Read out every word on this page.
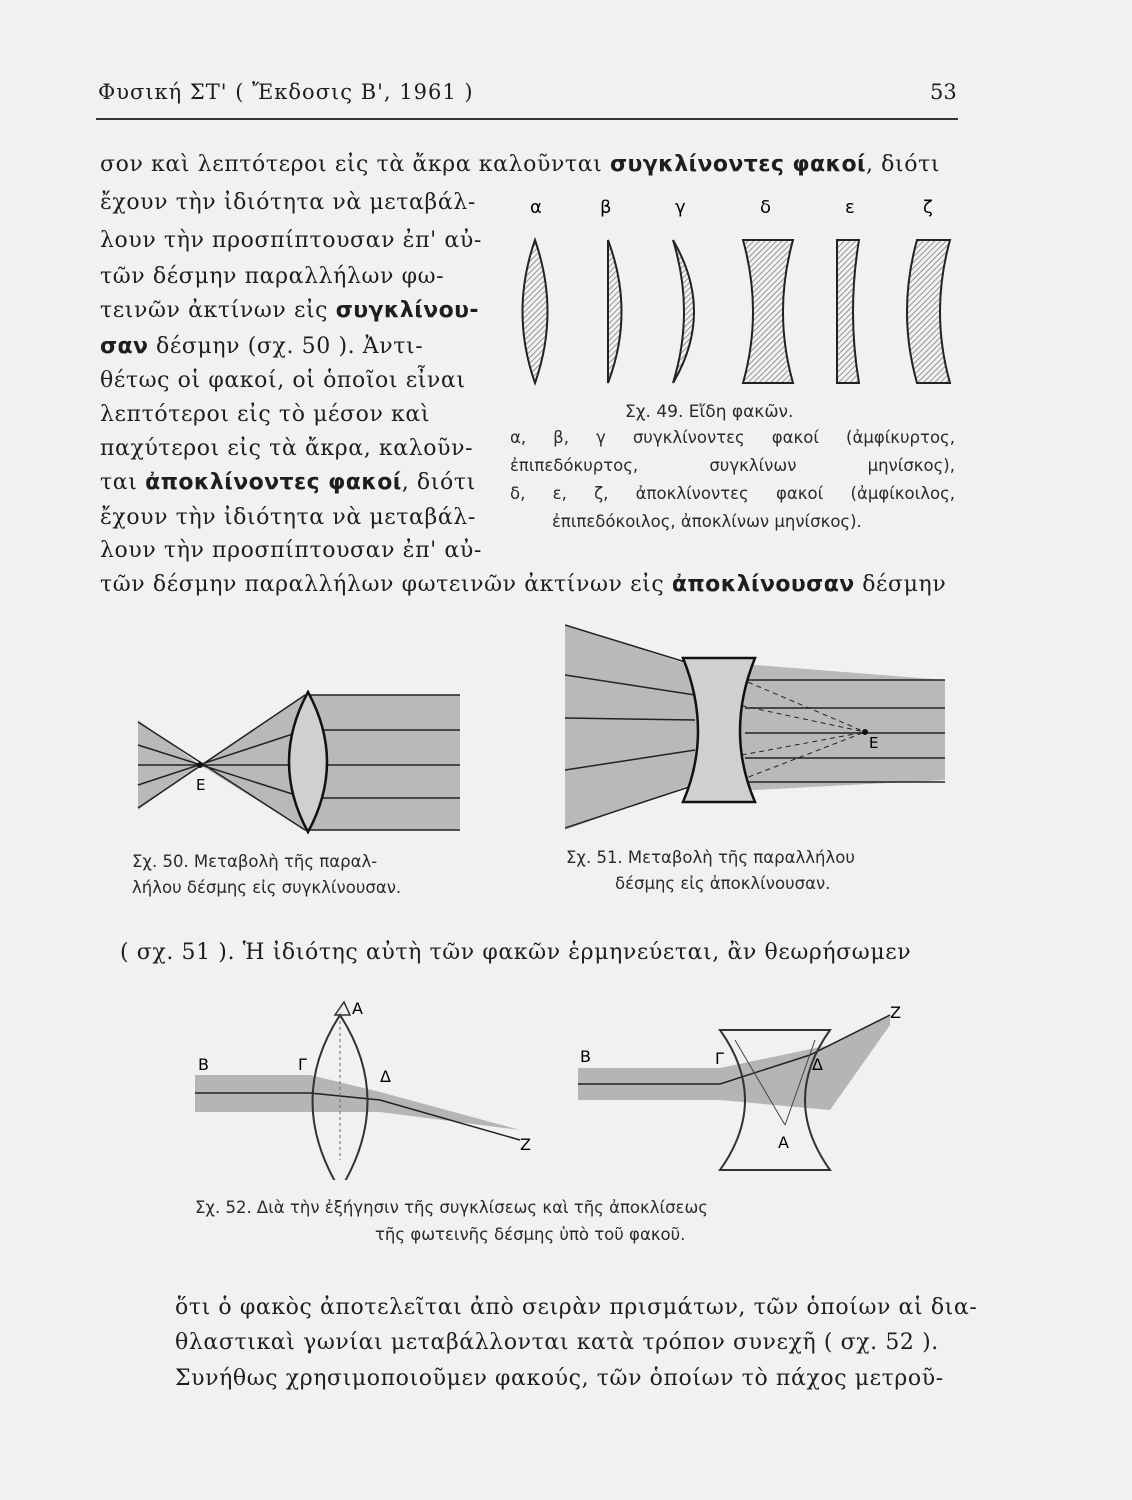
Φυσική ΣΤ' ( Ἔκδοσις Β', 1961 )	53
σον καὶ λεπτότεροι εἰς τὰ ἄκρα καλοῦνται συγκλίνοντες φακοί, διότι
ἔχουν τὴν ἰδιότητα νὰ μεταβάλ-
λουν τὴν προσπίπτουσαν ἐπ' αὐ-
τῶν δέσμην παραλλήλων φω-
τεινῶν ἀκτίνων εἰς συγκλίνου-
σαν δέσμην (σχ. 50 ). Ἀντι-
θέτως οἱ φακοί, οἱ ὁποῖοι εἶναι
λεπτότεροι εἰς τὸ μέσον καὶ
παχύτεροι εἰς τὰ ἄκρα, καλοῦν-
ται ἀποκλίνοντες φακοί, διότι
ἔχουν τὴν ἰδιότητα νὰ μεταβάλ-
λουν τὴν προσπίπτουσαν ἐπ' αὐ-
τῶν δέσμην παραλλήλων φωτεινῶν ἀκτίνων εἰς ἀποκλίνουσαν δέσμην
α	β	γ	δ	ε	ζ
Σχ. 49. Εἴδη φακῶν.
α, β, γ συγκλίνοντες φακοί (ἀμφίκυρτος,
ἐπιπεδόκυρτος, συγκλίνων μηνίσκος),
δ, ε, ζ, ἀποκλίνοντες φακοί (ἀμφίκοιλος,
ἐπιπεδόκοιλος, ἀποκλίνων μηνίσκος).
E
Σχ. 50. Μεταβολὴ τῆς παραλ-
λήλου δέσμης εἰς συγκλίνουσαν.
E
Σχ. 51. Μεταβολὴ τῆς παραλλήλου
δέσμης εἰς ἀποκλίνουσαν.
( σχ. 51 ). Ἡ ἰδιότης αὐτὴ τῶν φακῶν ἑρμηνεύεται, ἂν θεωρήσωμεν
B	Γ
A
Δ
Z
B	Γ
A
Δ
Z
Σχ. 52. Διὰ τὴν ἐξήγησιν τῆς συγκλίσεως καὶ τῆς ἀποκλίσεως
τῆς φωτεινῆς δέσμης ὑπὸ τοῦ φακοῦ.
ὅτι ὁ φακὸς ἀποτελεῖται ἀπὸ σειρὰν πρισμάτων, τῶν ὁποίων αἱ δια-
θλαστικαὶ γωνίαι μεταβάλλονται κατὰ τρόπον συνεχῆ ( σχ. 52 ).
Συνήθως χρησιμοποιοῦμεν φακούς, τῶν ὁποίων τὸ πάχος μετροῦ-
